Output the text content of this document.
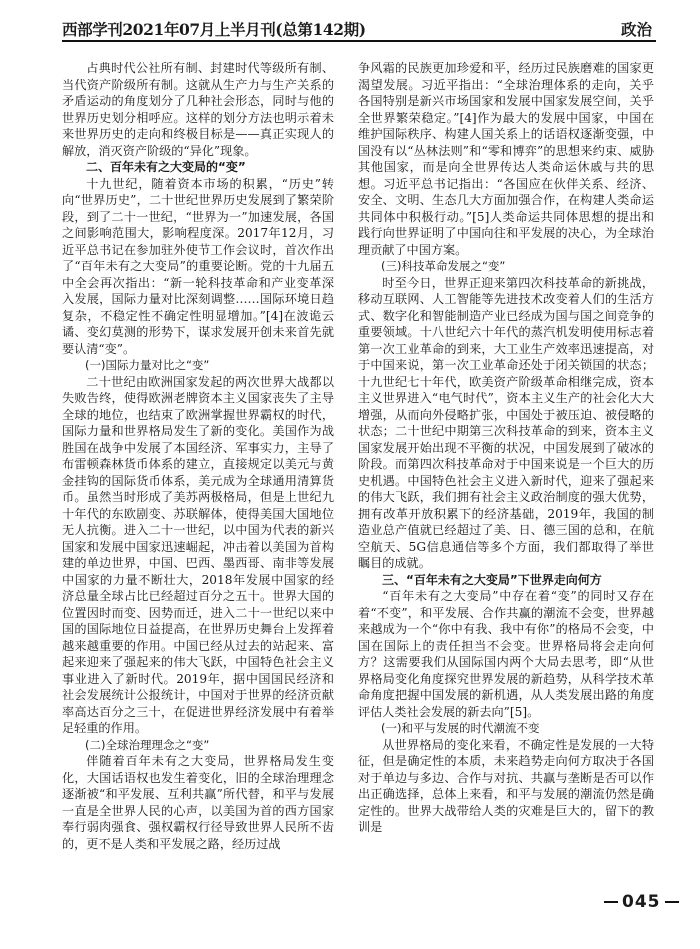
西部学刊2021年07月上半月刊(总第142期)	政治

占典时代公社所有制、封建时代等级所有制、当代资产阶级所有制。这就从生产力与生产关系的矛盾运动的角度划分了几种社会形态，同时与他的世界历史划分相呼应。这样的划分方法也明示着未来世界历史的走向和终极目标是——真正实现人的解放，消灭资产阶级的“异化”现象。

二、百年未有之大变局的“变”

十九世纪，随着资本市场的积累，“历史”转向“世界历史”，二十世纪世界历史发展到了繁荣阶段，到了二十一世纪，“世界为一”加速发展，各国之间影响范围大，影响程度深。2017年12月，习近平总书记在参加驻外使节工作会议时，首次作出了“百年未有之大变局”的重要论断。党的十九届五中全会再次指出：“新一轮科技革命和产业变革深入发展，国际力量对比深刻调整……国际环境日趋复杂，不稳定性不确定性明显增加。”[4]在波诡云谲、变幻莫测的形势下，谋求发展开创未来首先就要认清“变”。

(一)国际力量对比之“变”

二十世纪由欧洲国家发起的两次世界大战都以失败告终，使得欧洲老牌资本主义国家丧失了主导全球的地位，也结束了欧洲掌握世界霸权的时代，国际力量和世界格局发生了新的变化。美国作为战胜国在战争中发展了本国经济、军事实力，主导了布雷顿森林货币体系的建立，直接规定以美元与黄金挂钩的国际货币体系，美元成为全球通用清算货币。虽然当时形成了美苏两极格局，但是上世纪九十年代的东欧剧变、苏联解体，使得美国大国地位无人抗衡。进入二十一世纪，以中国为代表的新兴国家和发展中国家迅速崛起，冲击着以美国为首构建的单边世界，中国、巴西、墨西哥、南非等发展中国家的力量不断壮大，2018年发展中国家的经济总量全球占比已经超过百分之五十。世界大国的位置因时而变、因势而迁，进入二十一世纪以来中国的国际地位日益提高，在世界历史舞台上发挥着越来越重要的作用。中国已经从过去的站起来、富起来迎来了强起来的伟大飞跃，中国特色社会主义事业进入了新时代。2019年，据中国国民经济和社会发展统计公报统计，中国对于世界的经济贡献率高达百分之三十，在促进世界经济发展中有着举足轻重的作用。

(二)全球治理理念之“变”

伴随着百年未有之大变局，世界格局发生变化，大国话语权也发生着变化，旧的全球治理理念逐渐被“和平发展、互利共赢”所代替，和平与发展一直是全世界人民的心声，以美国为首的西方国家奉行弱肉强食、强权霸权行径导致世界人民所不齿的，更不是人类和平发展之路，经历过战

争风霜的民族更加珍爱和平，经历过民族磨难的国家更渴望发展。习近平指出：“全球治理体系的走向，关乎各国特别是新兴市场国家和发展中国家发展空间，关乎全世界繁荣稳定。”[4]作为最大的发展中国家，中国在维护国际秩序、构建人国关系上的话语权逐渐变强，中国没有以“丛林法则”和“零和博弈”的思想来约束、威胁其他国家，而是向全世界传达人类命运休戚与共的思想。习近平总书记指出：“各国应在伙伴关系、经济、安全、文明、生态几大方面加强合作，在构建人类命运共同体中积极行动。”[5]人类命运共同体思想的提出和践行向世界证明了中国向往和平发展的决心，为全球治理贡献了中国方案。

(三)科技革命发展之“变”

时至今日，世界正迎来第四次科技革命的新挑战，移动互联网、人工智能等先进技术改变着人们的生活方式、数字化和智能制造产业已经成为国与国之间竞争的重要领域。十八世纪六十年代的蒸汽机发明使用标志着第一次工业革命的到来，大工业生产效率迅速提高，对于中国来说，第一次工业革命还处于闭关锁国的状态；十九世纪七十年代，欧美资产阶级革命相继完成，资本主义世界进入“电气时代”，资本主义生产的社会化大大增强，从而向外侵略扩张，中国处于被压迫、被侵略的状态；二十世纪中期第三次科技革命的到来，资本主义国家发展开始出现不平衡的状况，中国发展到了破冰的阶段。而第四次科技革命对于中国来说是一个巨大的历史机遇。中国特色社会主义进入新时代，迎来了强起来的伟大飞跃，我们拥有社会主义政治制度的强大优势，拥有改革开放积累下的经济基础，2019年，我国的制造业总产值就已经超过了美、日、德三国的总和，在航空航天、5G信息通信等多个方面，我们都取得了举世瞩目的成就。

三、“百年未有之大变局”下世界走向何方

“百年未有之大变局”中存在着“变”的同时又存在着“不变”，和平发展、合作共赢的潮流不会变，世界越来越成为一个“你中有我、我中有你”的格局不会变，中国在国际上的责任担当不会变。世界格局将会走向何方？这需要我们从国际国内两个大局去思考，即“从世界格局变化角度探究世界发展的新趋势，从科学技术革命角度把握中国发展的新机遇，从人类发展出路的角度评估人类社会发展的新去向”[5]。

(一)和平与发展的时代潮流不变

从世界格局的变化来看，不确定性是发展的一大特征，但是确定性的本质，未来趋势走向何方取决于各国对于单边与多边、合作与对抗、共赢与垄断是否可以作出正确选择，总体上来看，和平与发展的潮流仍然是确定性的。世界大战带给人类的灾难是巨大的，留下的教训是

045
